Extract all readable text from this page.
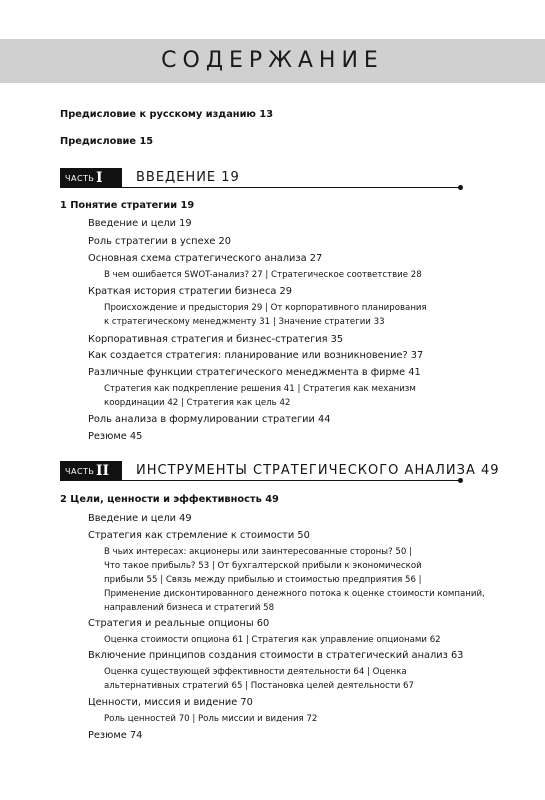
СОДЕРЖАНИЕ
Предисловие к русскому изданию 13
Предисловие 15
ЧАСТЬ I	ВВЕДЕНИЕ 19
1 Понятие стратегии 19
Введение и цели 19
Роль стратегии в успехе 20
Основная схема стратегического анализа 27
В чем ошибается SWOT-анализ? 27 | Стратегическое соответствие 28
Краткая история стратегии бизнеса 29
Происхождение и предыстория 29 | От корпоративного планирования
к стратегическому менеджменту 31 | Значение стратегии 33
Корпоративная стратегия и бизнес-стратегия 35
Как создается стратегия: планирование или возникновение? 37
Различные функции стратегического менеджмента в фирме 41
Стратегия как подкрепление решения 41 | Стратегия как механизм
координации 42 | Стратегия как цель 42
Роль анализа в формулировании стратегии 44
Резюме 45
ЧАСТЬ II ИНСТРУМЕНТЫ СТРАТЕГИЧЕСКОГО АНАЛИЗА 49
2 Цели, ценности и эффективность 49
Введение и цели 49
Стратегия как стремление к стоимости 50
В чьих интересах: акционеры или заинтересованные стороны? 50 |
Что такое прибыль? 53 | От бухгалтерской прибыли к экономической
прибыли 55 | Связь между прибылью и стоимостью предприятия 56 |
Применение дисконтированного денежного потока к оценке стоимости компаний,
направлений бизнеса и стратегий 58
Стратегия и реальные опционы 60
Оценка стоимости опциона 61 | Стратегия как управление опционами 62
Включение принципов создания стоимости в стратегический анализ 63
Оценка существующей эффективности деятельности 64 | Оценка
альтернативных стратегий 65 | Постановка целей деятельности 67
Ценности, миссия и видение 70
Роль ценностей 70 | Роль миссии и видения 72
Резюме 74
